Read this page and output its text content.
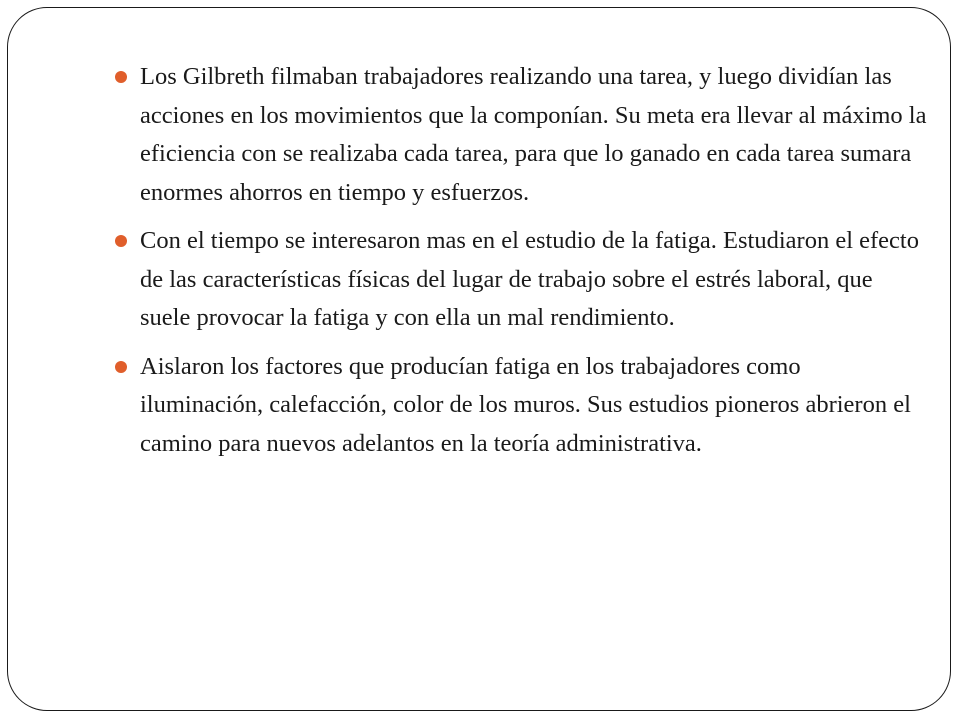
Los Gilbreth filmaban trabajadores realizando una tarea, y luego dividían las acciones en los movimientos que la componían. Su meta era llevar al máximo la eficiencia con se realizaba cada tarea, para que lo ganado en cada tarea sumara enormes ahorros en tiempo y esfuerzos.
Con el tiempo se interesaron mas en el estudio de la fatiga. Estudiaron el efecto de las características físicas del lugar de trabajo sobre el estrés laboral, que suele provocar la fatiga y con ella un mal rendimiento.
Aislaron los factores que producían fatiga en los trabajadores como iluminación, calefacción, color de los muros. Sus estudios pioneros abrieron el camino para nuevos adelantos en la teoría administrativa.
